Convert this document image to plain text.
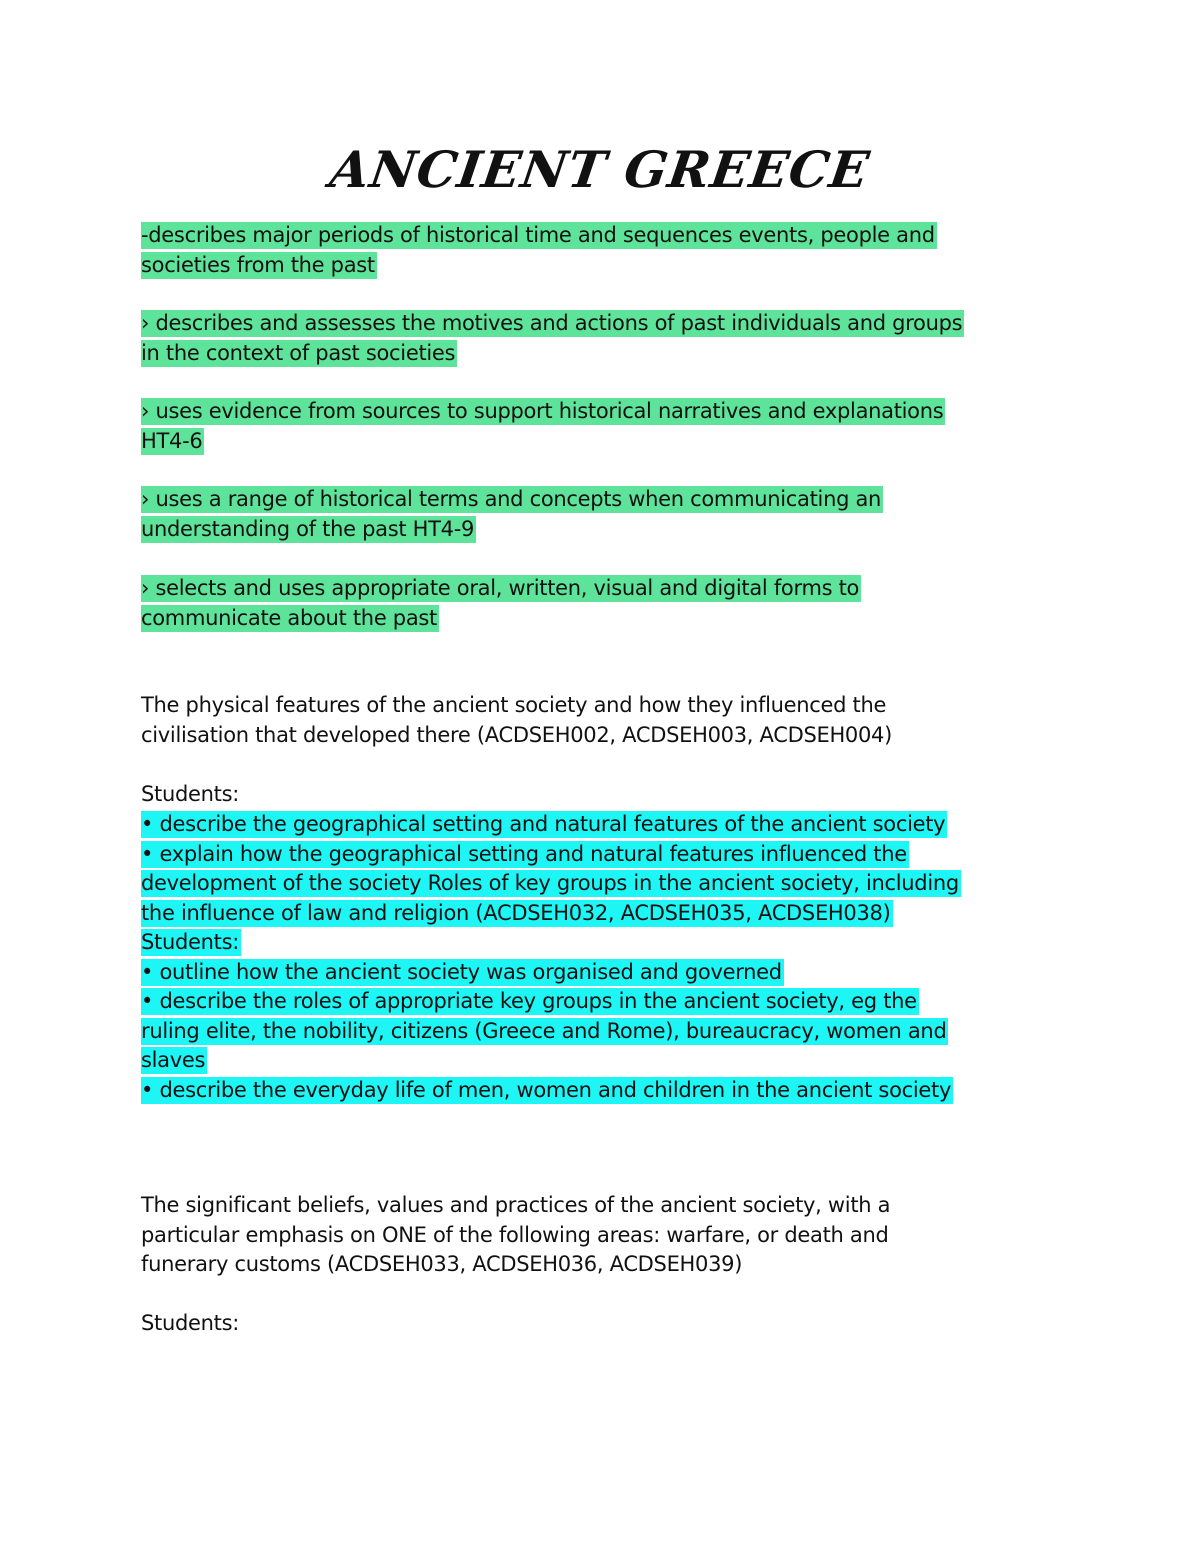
ANCIENT GREECE
-describes major periods of historical time and sequences events, people and
societies from the past
› describes and assesses the motives and actions of past individuals and groups
in the context of past societies
› uses evidence from sources to support historical narratives and explanations
HT4-6
› uses a range of historical terms and concepts when communicating an
understanding of the past HT4-9
› selects and uses appropriate oral, written, visual and digital forms to
communicate about the past
The physical features of the ancient society and how they influenced the
civilisation that developed there (ACDSEH002, ACDSEH003, ACDSEH004)
Students:
• describe the geographical setting and natural features of the ancient society
• explain how the geographical setting and natural features influenced the
development of the society Roles of key groups in the ancient society, including
the influence of law and religion (ACDSEH032, ACDSEH035, ACDSEH038)
Students:
• outline how the ancient society was organised and governed
• describe the roles of appropriate key groups in the ancient society, eg the
ruling elite, the nobility, citizens (Greece and Rome), bureaucracy, women and
slaves
• describe the everyday life of men, women and children in the ancient society
The significant beliefs, values and practices of the ancient society, with a
particular emphasis on ONE of the following areas: warfare, or death and
funerary customs (ACDSEH033, ACDSEH036, ACDSEH039)
Students:
